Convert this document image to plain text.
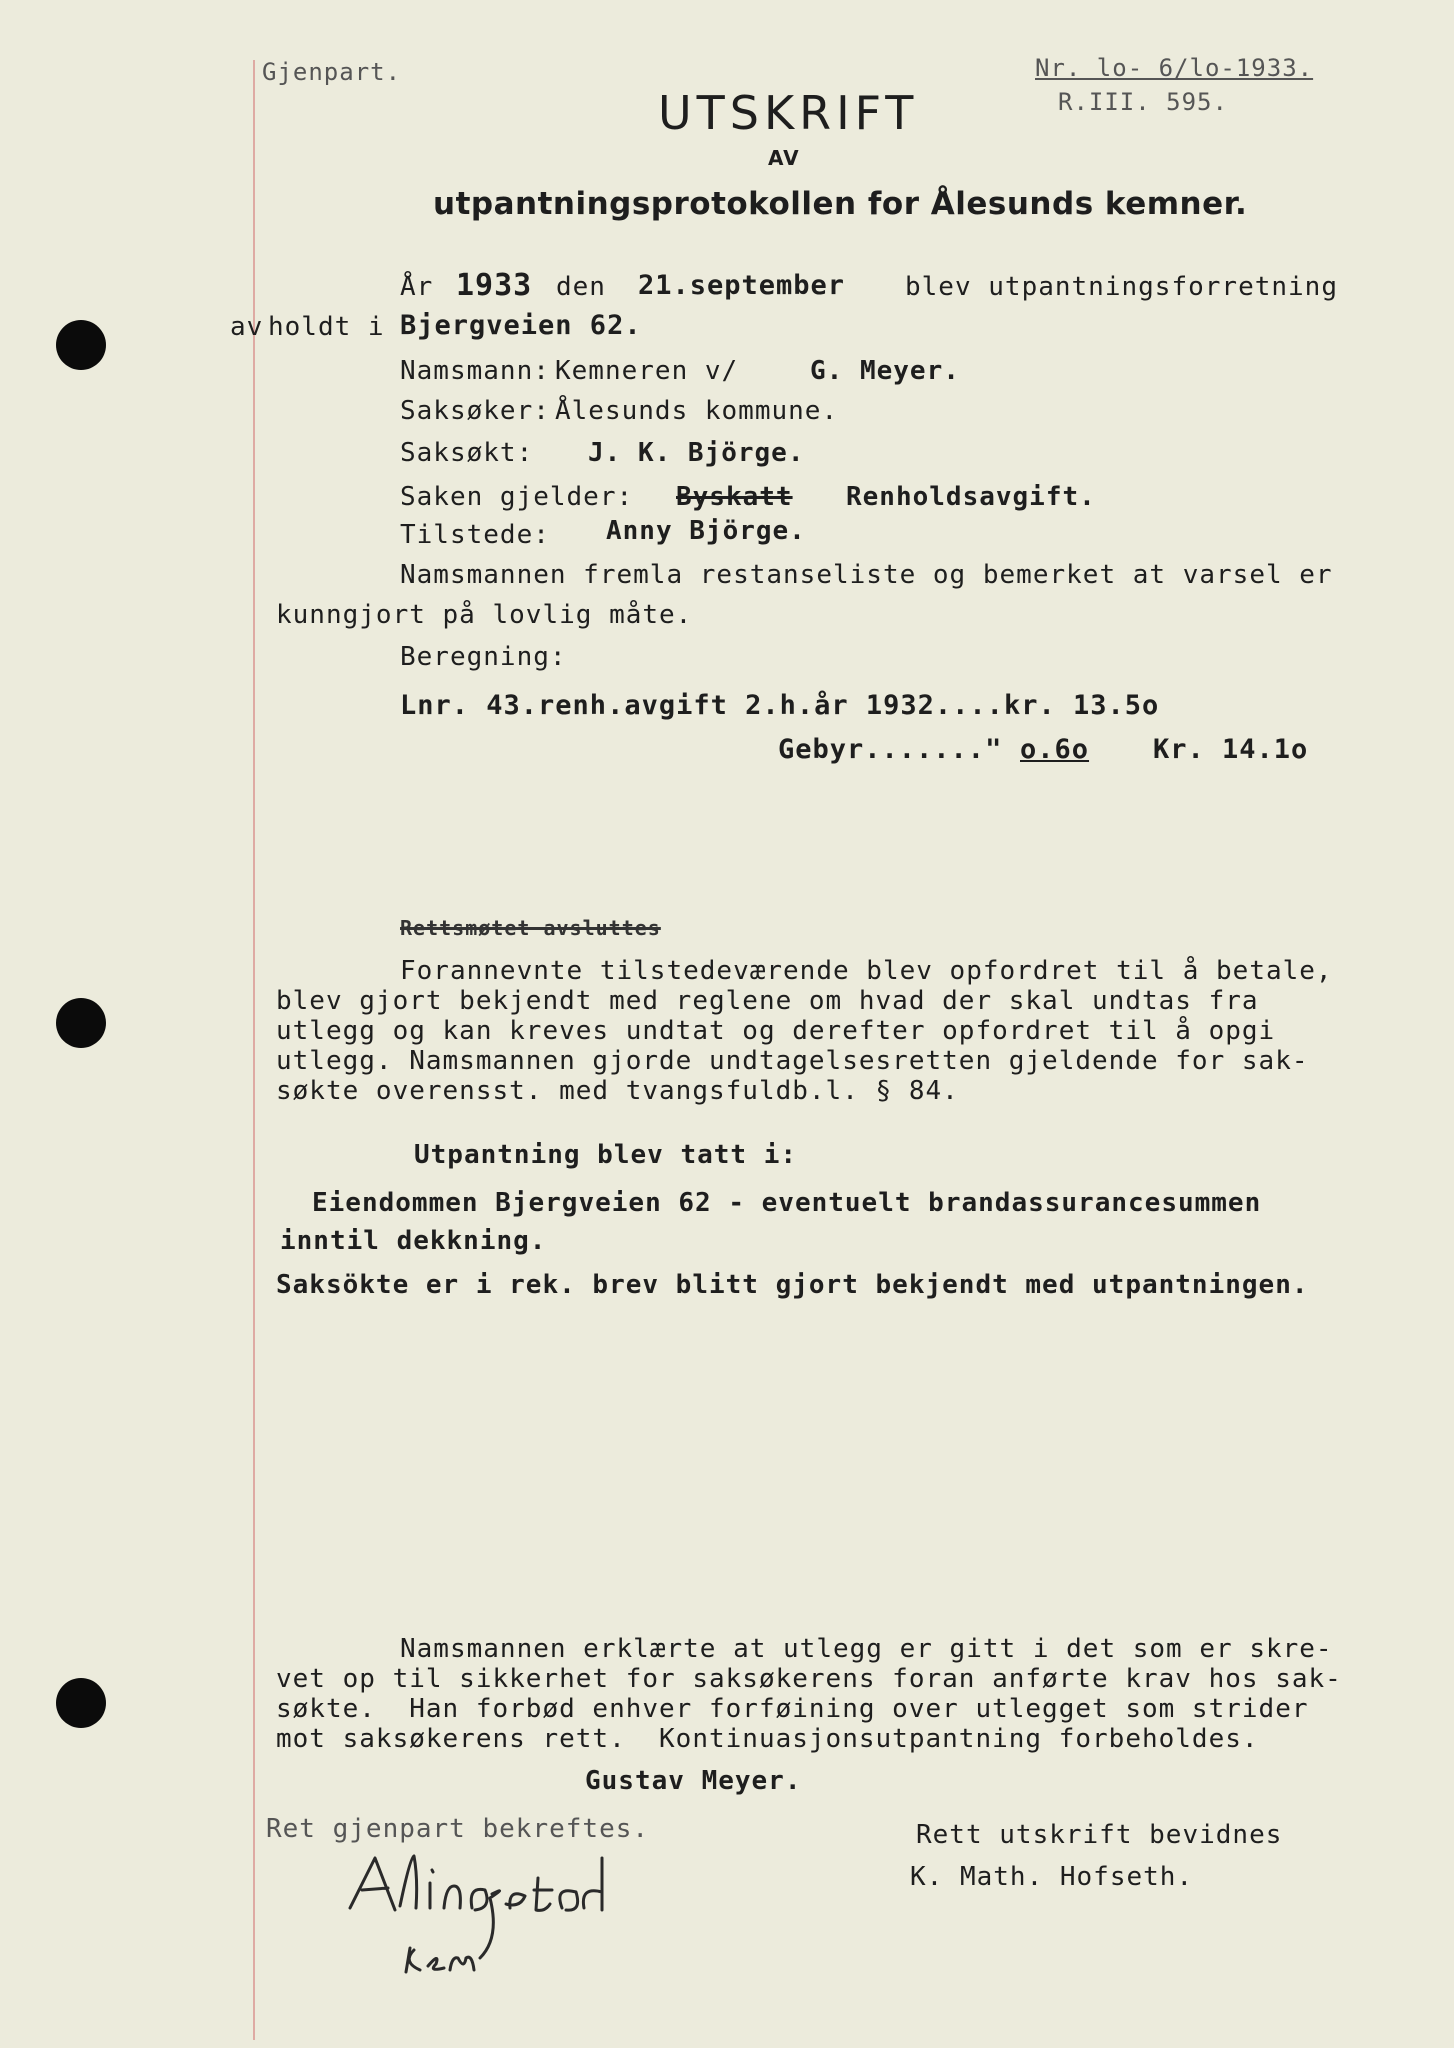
Gjenpart.	Nr. lo- 6/lo-1933.
R.III. 595.
UTSKRIFT
AV
utpantningsprotokollen for Ålesunds kemner.
År 1933 den 21.september blev utpantningsforretning
av holdt i Bjergveien 62.
Namsmann: Kemneren v/	G. Meyer.
Saksøker: Ålesunds kommune.
Saksøkt: J. K. Björge.
Saken gjelder: Byskatt Renholdsavgift.
Tilstede: Anny Björge.
Namsmannen fremla restanseliste og bemerket at varsel er
kunngjort på lovlig måte.
Beregning:
Lnr. 43.renh.avgift 2.h.år 1932....kr. 13.5o
Gebyr......." o.6o Kr. 14.1o
Rettsmøtet avsluttes
Forannevnte tilstedeværende blev opfordret til å betale,
blev gjort bekjendt med reglene om hvad der skal undtas fra
utlegg og kan kreves undtat og derefter opfordret til å opgi
utlegg. Namsmannen gjorde undtagelsesretten gjeldende for sak-
søkte overensst. med tvangsfuldb.l. § 84.
Utpantning blev tatt i:
Eiendommen Bjergveien 62 - eventuelt brandassurancesummen
inntil dekkning.
Saksökte er i rek. brev blitt gjort bekjendt med utpantningen.
Namsmannen erklærte at utlegg er gitt i det som er skre-
vet op til sikkerhet for saksøkerens foran anførte krav hos sak-
søkte.  Han forbød enhver forføining over utlegget som strider
mot saksøkerens rett.  Kontinuasjonsutpantning forbeholdes.
Gustav Meyer.
Ret gjenpart bekreftes.	Rett utskrift bevidnes
K. Math. Hofseth.
